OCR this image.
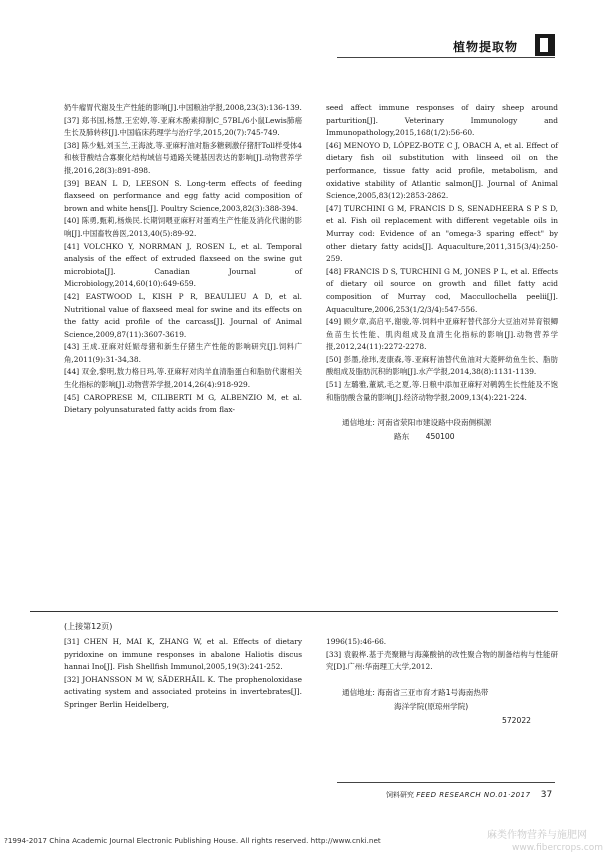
植物提取物

奶牛瘤胃代谢及生产性能的影响[J].中国粮油学报,2008,23(3):136-139.

[37] 郑书国,杨慧,王宏婷,等.亚麻木酚素抑制C_57BL/6小鼠Lewis肺癌生长及肺转移[J].中国临床药理学与治疗学,2015,20(7):745-749.

[38] 陈少魁,刘玉兰,王海波,等.亚麻籽油对脂多糖刺激仔猪肝Toll样受体4和核苷酸结合寡聚化结构域信号通路关键基因表达的影响[J].动物营养学报,2016,28(3):891-898.

[39] BEAN L D, LEESON S. Long-term effects of feeding flaxseed on performance and egg fatty acid composition of brown and white hens[J]. Poultry Science,2003,82(3):388-394.

[40] 陈勇,甄莉,杨焕民.长期饲喂亚麻籽对蛋鸡生产性能及消化代谢的影响[J].中国畜牧兽医,2013,40(5):89-92.

[41] VOLCHKO Y, NORRMAN J, ROSEN L, et al. Temporal analysis of the effect of extruded flaxseed on the swine gut microbiota[J]. Canadian Journal of Microbiology,2014,60(10):649-659.

[42] EASTWOOD L, KISH P R, BEAULIEU A D, et al. Nutritional value of flaxseed meal for swine and its effects on the fatty acid profile of the carcass[J]. Journal of Animal Science,2009,87(11):3607-3619.

[43] 王成.亚麻对妊娠母猪和新生仔猪生产性能的影响研究[J].饲料广角,2011(9):31-34,38.

[44] 双金,黎明,敖力格日玛,等.亚麻籽对肉羊血清脂蛋白和脂肪代谢相关生化指标的影响[J].动物营养学报,2014,26(4):918-929.

[45] CAROPRESE M, CILIBERTI M G, ALBENZIO M, et al. Dietary polyunsaturated fatty acids from flax-

seed affect immune responses of dairy sheep around parturition[J]. Veterinary Immunology and Immunopathology,2015,168(1/2):56-60.

[46] MENOYO D, LÓPEZ-BOTE C J, OBACH A, et al. Effect of dietary fish oil substitution with linseed oil on the performance, tissue fatty acid profile, metabolism, and oxidative stability of Atlantic salmon[J]. Journal of Animal Science,2005,83(12):2853-2862.

[47] TURCHINI G M, FRANCIS D S, SENADHEERA S P S D, et al. Fish oil replacement with different vegetable oils in Murray cod: Evidence of an "omega-3 sparing effect" by other dietary fatty acids[J]. Aquaculture,2011,315(3/4):250-259.

[48] FRANCIS D S, TURCHINI G M, JONES P L, et al. Effects of dietary oil source on growth and fillet fatty acid composition of Murray cod, Maccullochella peelii[J]. Aquaculture,2006,253(1/2/3/4):547-556.

[49] 顾夕章,高启平,谢骏,等.饲料中亚麻籽替代部分大豆油对异育银鲫鱼苗生长性能、肌肉组成及血清生化指标的影响[J].动物营养学报,2012,24(11):2272-2278.

[50] 彭墨,徐玮,麦康森,等.亚麻籽油替代鱼油对大菱鲆幼鱼生长、脂肪酸组成及脂肪沉积的影响[J].水产学报,2014,38(8):1131-1139.

[51] 左璐雅,董斌,毛之夏,等.日粮中添加亚麻籽对鹌鹑生长性能及不饱和脂肪酸含量的影响[J].经济动物学报,2009,13(4):221-224.

通信地址: 河南省荥阳市建设路中段南侧棋源
路东 450100
(上接第12页)

[31] CHEN H, MAI K, ZHANG W, et al. Effects of dietary pyridoxine on immune responses in abalone Haliotis discus hannai Ino[J]. Fish Shellfish Immunol,2005,19(3):241-252.

[32] JOHANSSON M W, SÄDERHÄIL K. The prophenoloxidase activating system and associated proteins in invertebrates[J]. Springer Berlin Heidelberg,

1996(15):46-66.

[33] 袁毅桦.基于壳聚糖与海藻酸钠的改性聚合物的制备结构与性能研究[D].广州:华南理工大学,2012.

通信地址: 海南省三亚市育才路1号海南热带
海洋学院(原琼州学院)
572022
饲料研究 FEED RESEARCH NO.01·2017 37
?1994-2017 China Academic Journal Electronic Publishing House. All rights reserved. http://www.cnki.net	麻类作物营养与施肥网
www.fibercrops.com
